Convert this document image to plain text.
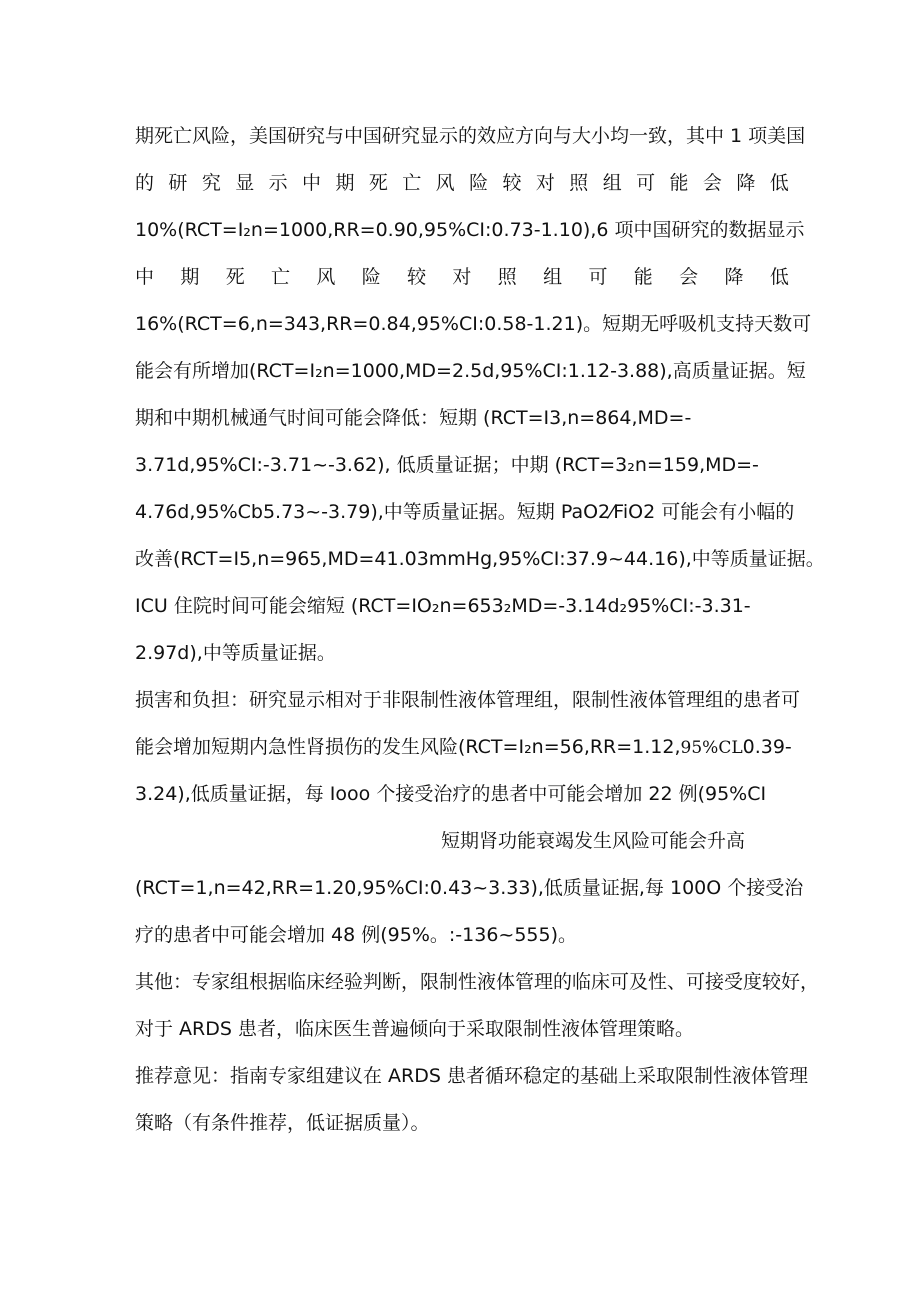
期死亡风险，美国研究与中国研究显示的效应方向与大小均一致，其中 1 项美国
的 研 究 显 示 中 期 死 亡 风 险 较 对 照 组 可 能 会 降 低
10%(RCT=I₂n=1000,RR=0.90,95%CI:0.73-1.10),6 项中国研究的数据显示
中 期 死 亡 风 险 较 对 照 组 可 能 会 降 低
16%(RCT=6,n=343,RR=0.84,95%CI:0.58-1.21)。短期无呼吸机支持天数可
能会有所增加(RCT=I₂n=1000,MD=2.5d,95%CI:1.12-3.88),高质量证据。短
期和中期机械通气时间可能会降低：短期 (RCT=I3,n=864,MD=-
3.71d,95%CI:-3.71~-3.62), 低质量证据；中期 (RCT=3₂n=159,MD=-
4.76d,95%Cb5.73~-3.79),中等质量证据。短期 PaO2⁄FiO2 可能会有小幅的
改善(RCT=I5,n=965,MD=41.03mmHg,95%CI:37.9~44.16),中等质量证据。
ICU 住院时间可能会缩短 (RCT=IO₂n=653₂MD=-3.14d₂95%CI:-3.31-
2.97d),中等质量证据。
损害和负担：研究显示相对于非限制性液体管理组，限制性液体管理组的患者可
能会增加短期内急性肾损伤的发生风险(RCT=I₂n=56,RR=1.12,95%CL0.39-
3.24),低质量证据，每 Iooo 个接受治疗的患者中可能会增加 22 例(95%CI
短期肾功能衰竭发生风险可能会升高
(RCT=1,n=42,RR=1.20,95%CI:0.43~3.33),低质量证据,每 100O 个接受治
疗的患者中可能会增加 48 例(95%。:-136~555)。
其他：专家组根据临床经验判断，限制性液体管理的临床可及性、可接受度较好，
对于 ARDS 患者，临床医生普遍倾向于采取限制性液体管理策略。
推荐意见：指南专家组建议在 ARDS 患者循环稳定的基础上采取限制性液体管理
策略（有条件推荐，低证据质量）。
